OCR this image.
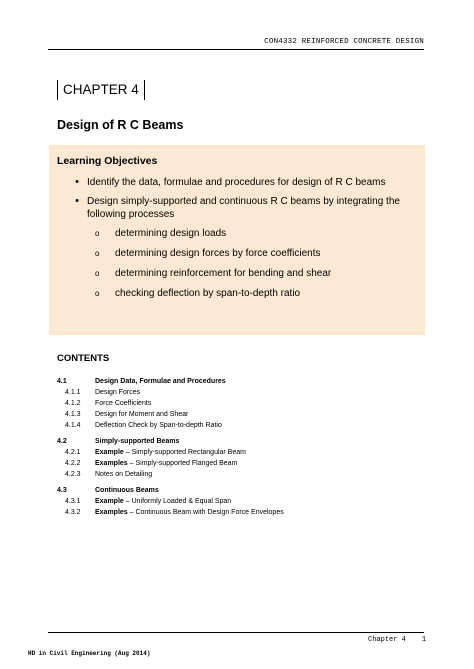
CON4332 REINFORCED CONCRETE DESIGN
CHAPTER 4
Design of R C Beams
Learning Objectives
• Identify the data, formulae and procedures for design of R C beams
• Design simply-supported and continuous R C beams by integrating the following processes
o	determining design loads
o	determining design forces by force coefficients
o	determining reinforcement for bending and shear
o	checking deflection by span-to-depth ratio
CONTENTS
4.1	Design Data, Formulae and Procedures
4.1.1	Design Forces
4.1.2	Force Coefficients
4.1.3	Design for Moment and Shear
4.1.4	Deflection Check by Span-to-depth Ratio
4.2	Simply-supported Beams
4.2.1	Example – Simply-supported Rectangular Beam
4.2.2	Examples – Simply-supported Flanged Beam
4.2.3	Notes on Detailing
4.3	Continuous Beams
4.3.1	Example – Uniformly Loaded & Equal Span
4.3.2	Examples – Continuous Beam with Design Force Envelopes
HD in Civil Engineering (Aug 2014)
Chapter 4 1
